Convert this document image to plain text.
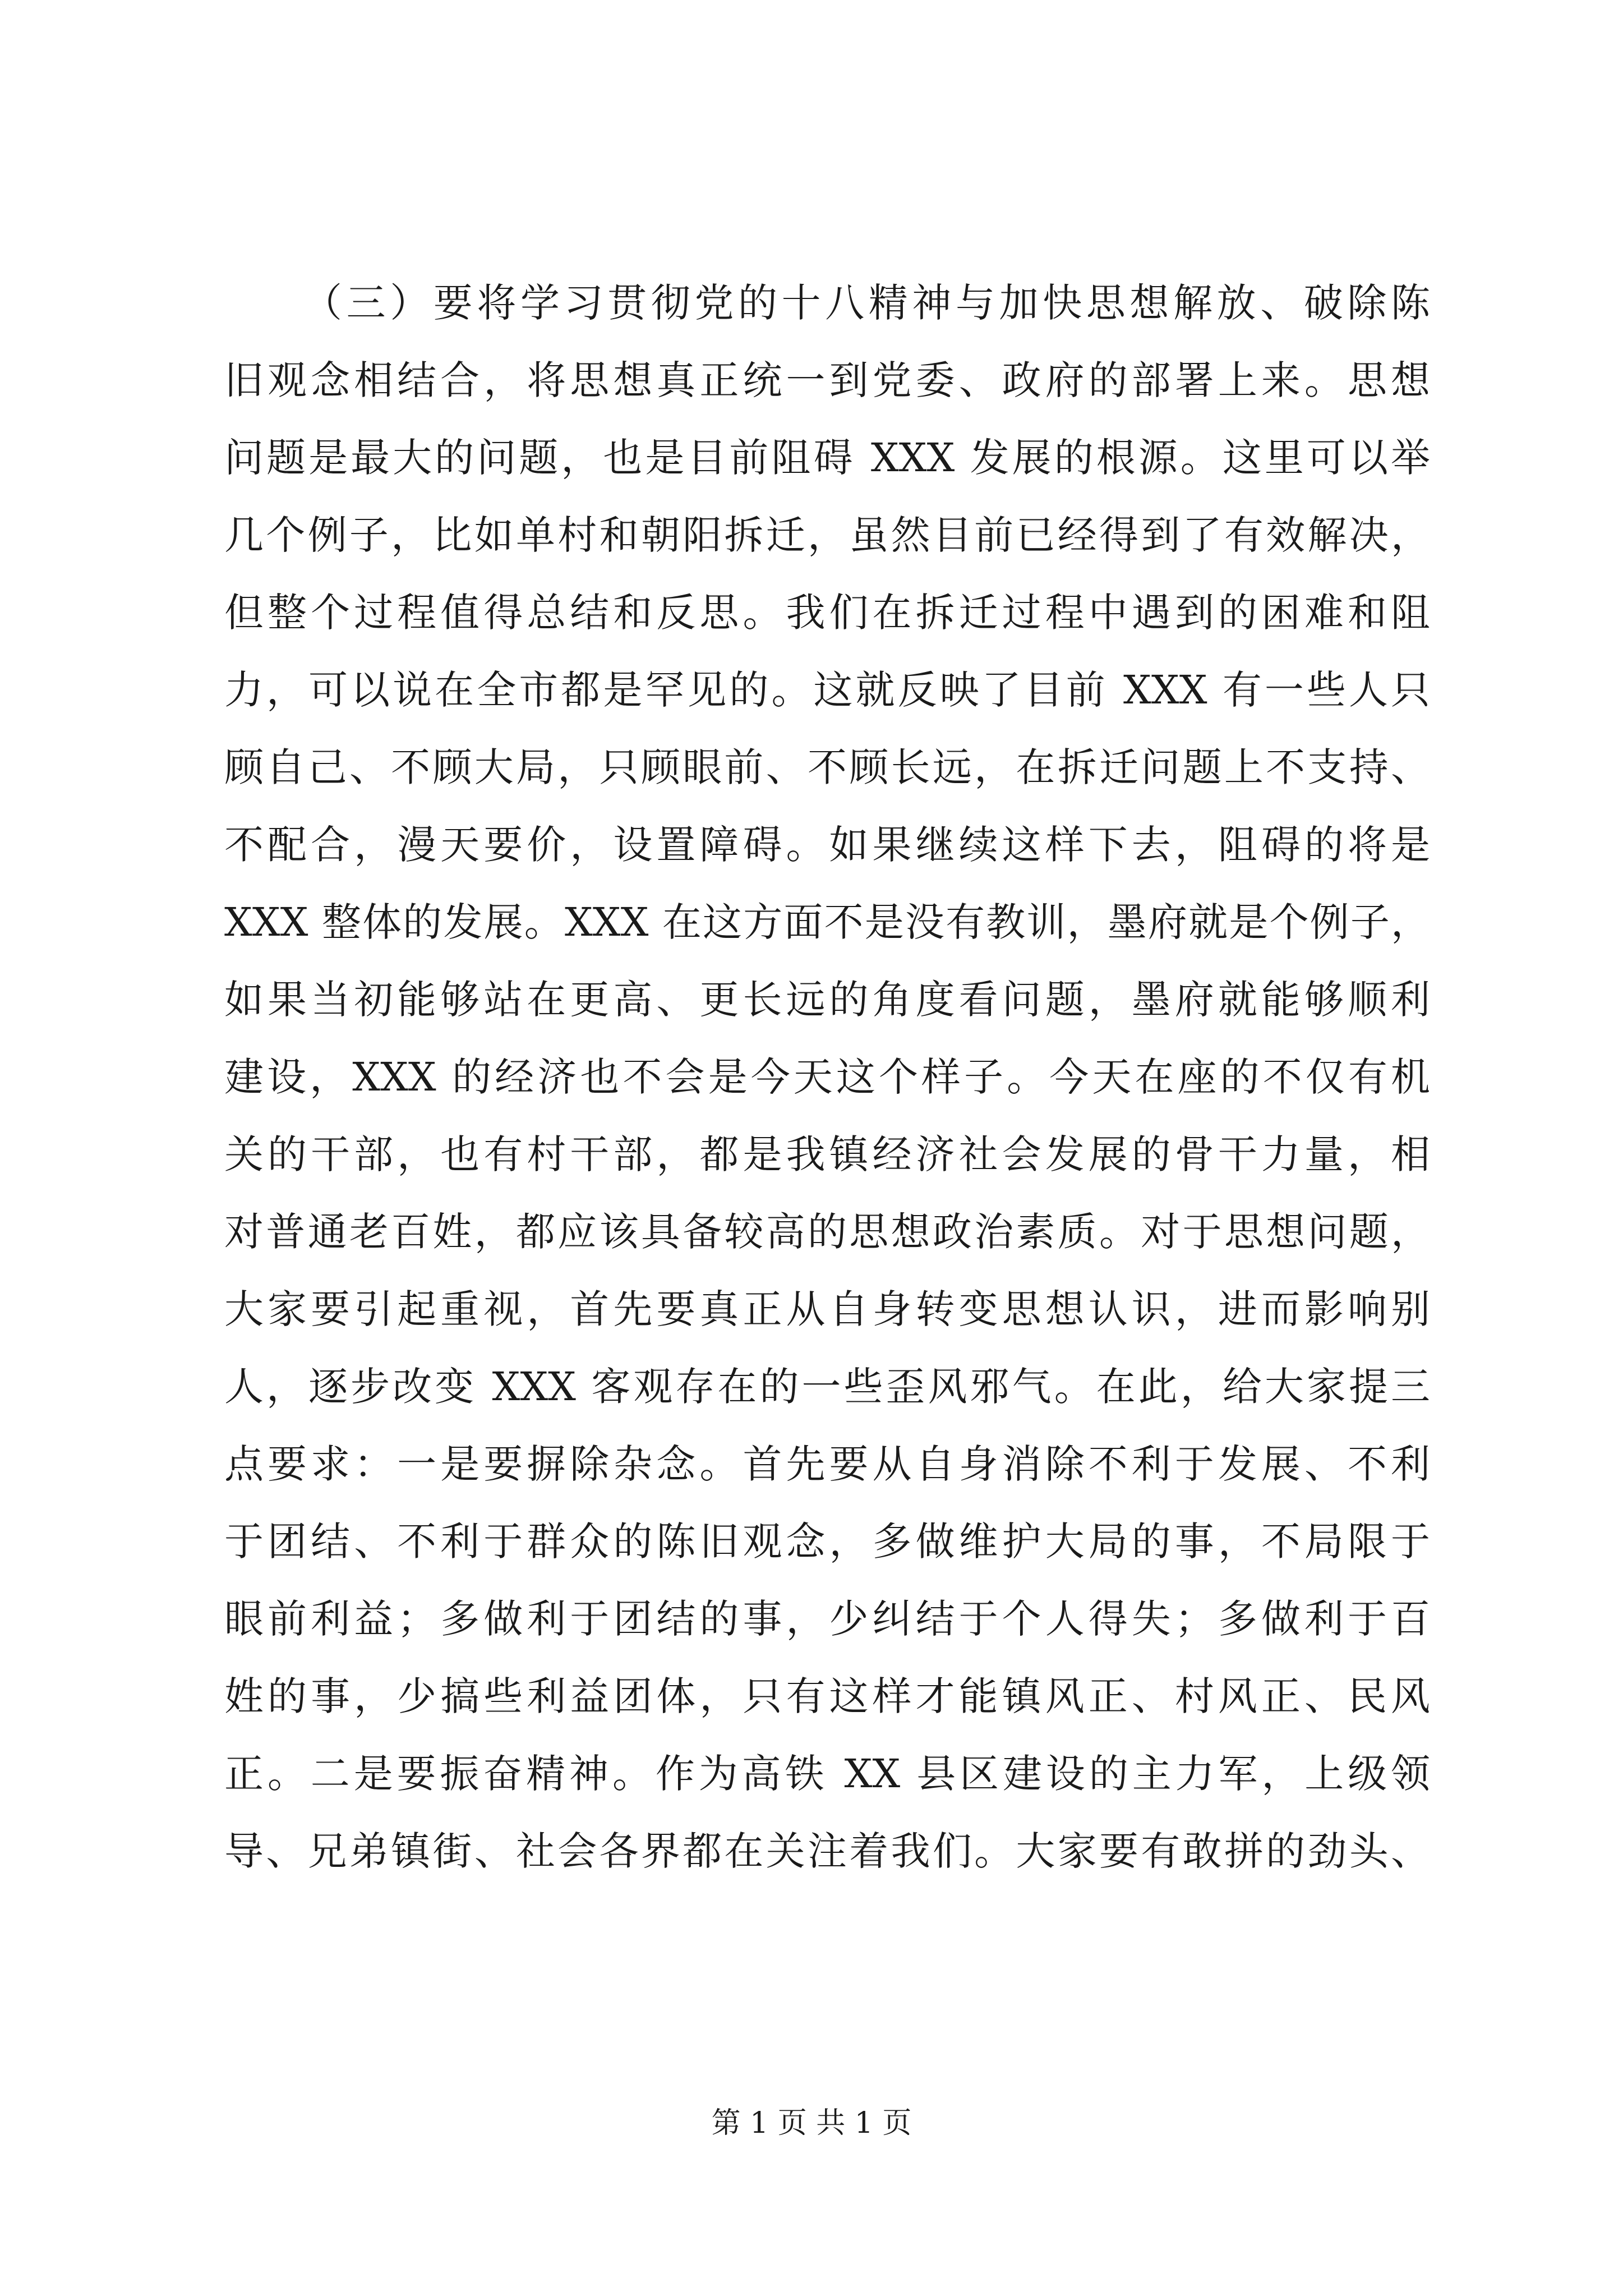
（三）要将学习贯彻党的十八精神与加快思想解放、破除陈
旧观念相结合，将思想真正统一到党委、政府的部署上来。思想
问题是最大的问题，也是目前阻碍 XXX 发展的根源。这里可以举
几个例子，比如单村和朝阳拆迁，虽然目前已经得到了有效解决，
但整个过程值得总结和反思。我们在拆迁过程中遇到的困难和阻
力，可以说在全市都是罕见的。这就反映了目前 XXX 有一些人只
顾自己、不顾大局，只顾眼前、不顾长远，在拆迁问题上不支持、
不配合，漫天要价，设置障碍。如果继续这样下去，阻碍的将是
XXX 整体的发展。XXX 在这方面不是没有教训，墨府就是个例子，
如果当初能够站在更高、更长远的角度看问题，墨府就能够顺利
建设，XXX 的经济也不会是今天这个样子。今天在座的不仅有机
关的干部，也有村干部，都是我镇经济社会发展的骨干力量，相
对普通老百姓，都应该具备较高的思想政治素质。对于思想问题，
大家要引起重视，首先要真正从自身转变思想认识，进而影响别
人，逐步改变 XXX 客观存在的一些歪风邪气。在此，给大家提三
点要求：一是要摒除杂念。首先要从自身消除不利于发展、不利
于团结、不利于群众的陈旧观念，多做维护大局的事，不局限于
眼前利益；多做利于团结的事，少纠结于个人得失；多做利于百
姓的事，少搞些利益团体，只有这样才能镇风正、村风正、民风
正。二是要振奋精神。作为高铁 XX 县区建设的主力军，上级领
导、兄弟镇街、社会各界都在关注着我们。大家要有敢拼的劲头、
第 1 页 共 1 页
